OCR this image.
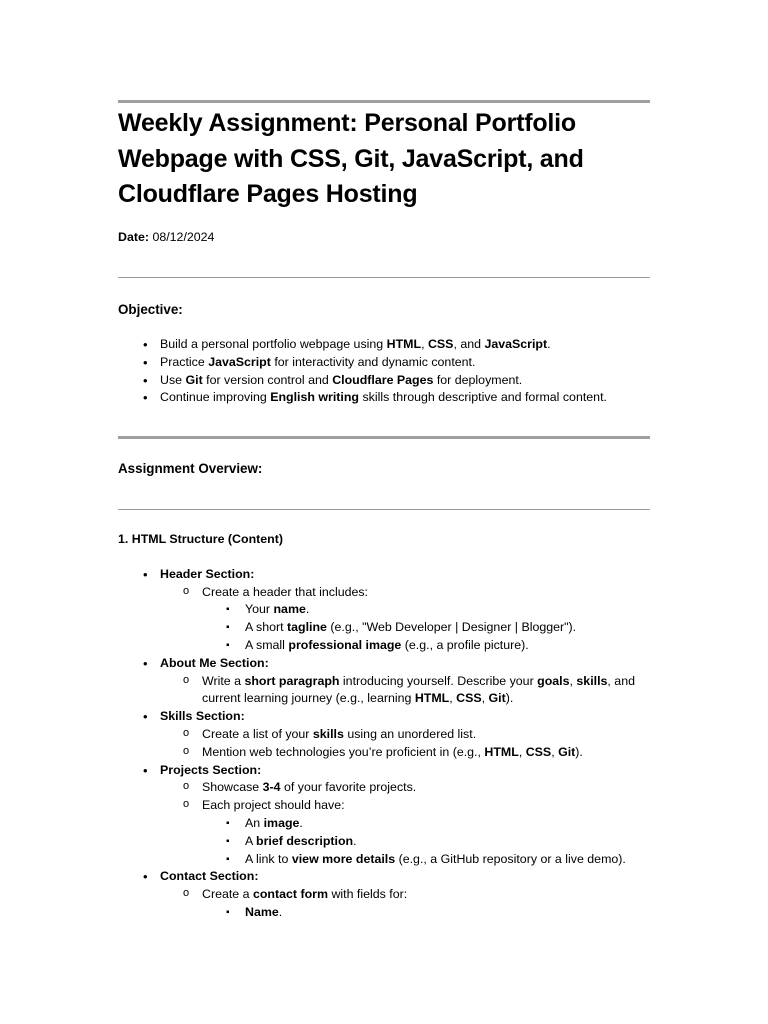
Weekly Assignment: Personal Portfolio Webpage with CSS, Git, JavaScript, and Cloudflare Pages Hosting
Date: 08/12/2024
Objective:
• Build a personal portfolio webpage using HTML, CSS, and JavaScript.
• Practice JavaScript for interactivity and dynamic content.
• Use Git for version control and Cloudflare Pages for deployment.
• Continue improving English writing skills through descriptive and formal content.
Assignment Overview:
1. HTML Structure (Content)
• Header Section:
o Create a header that includes:
▪ Your name.
▪ A short tagline (e.g., "Web Developer | Designer | Blogger").
▪ A small professional image (e.g., a profile picture).
• About Me Section:
o Write a short paragraph introducing yourself. Describe your goals, skills, and
current learning journey (e.g., learning HTML, CSS, Git).
• Skills Section:
o Create a list of your skills using an unordered list.
o Mention web technologies you’re proficient in (e.g., HTML, CSS, Git).
• Projects Section:
o Showcase 3-4 of your favorite projects.
o Each project should have:
▪ An image.
▪ A brief description.
▪ A link to view more details (e.g., a GitHub repository or a live demo).
• Contact Section:
o Create a contact form with fields for:
▪ Name.
